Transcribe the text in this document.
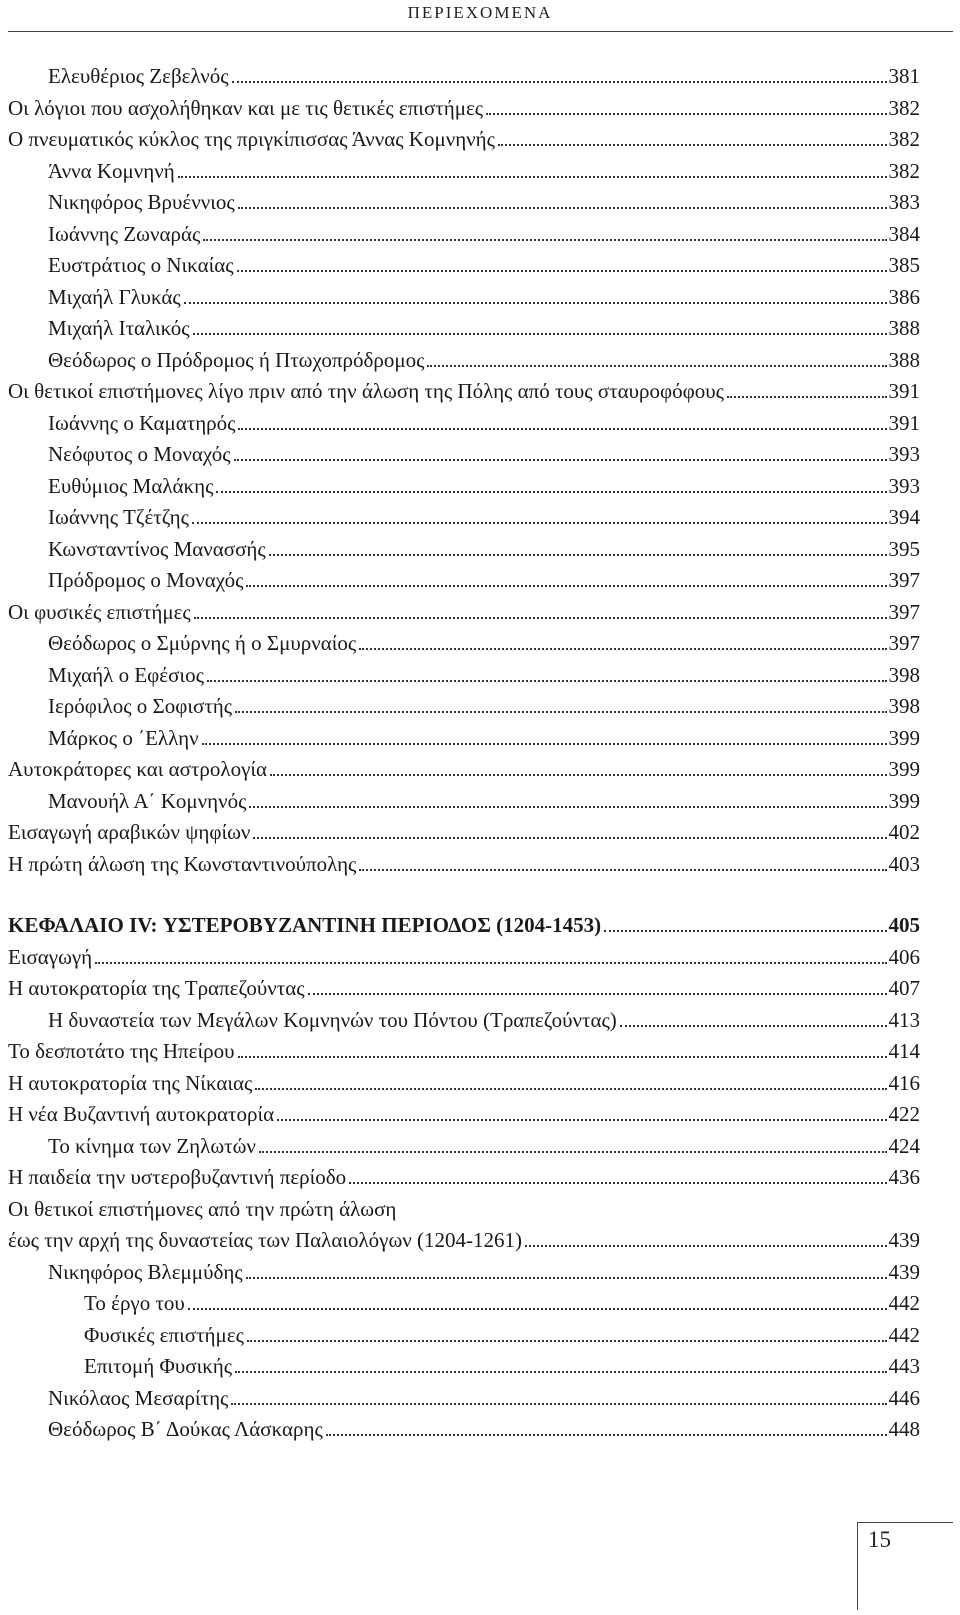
ΠΕΡΙΕΧΟΜΕΝΑ
Ελευθέριος Ζεβελνός	381
Οι λόγιοι που ασχολήθηκαν και με τις θετικές επιστήμες	382
Ο πνευματικός κύκλος της πριγκίπισσας Άννας Κομνηνής	382
Άννα Κομνηνή	382
Νικηφόρος Βρυέννιος	383
Ιωάννης Ζωναράς	384
Ευστράτιος ο Νικαίας	385
Μιχαήλ Γλυκάς	386
Μιχαήλ Ιταλικός	388
Θεόδωρος ο Πρόδρομος ή Πτωχοπρόδρομος	388
Οι θετικοί επιστήμονες λίγο πριν από την άλωση της Πόλης από τους σταυροφόφους	391
Ιωάννης ο Καματηρός	391
Νεόφυτος ο Μοναχός	393
Ευθύμιος Μαλάκης	393
Ιωάννης Τζέτζης	394
Κωνσταντίνος Μανασσής	395
Πρόδρομος ο Μοναχός	397
Οι φυσικές επιστήμες	397
Θεόδωρος ο Σμύρνης ή ο Σμυρναίος	397
Μιχαήλ ο Εφέσιος	398
Ιερόφιλος ο Σοφιστής	398
Μάρκος ο ΄Ελλην	399
Αυτοκράτορες και αστρολογία	399
Μανουήλ Α΄ Κομνηνός	399
Εισαγωγή αραβικών ψηφίων	402
Η πρώτη άλωση της Κωνσταντινούπολης	403
ΚΕΦΑΛΑΙΟ IV: ΥΣΤΕΡΟΒΥΖΑΝΤΙΝΗ ΠΕΡΙΟΔΟΣ (1204-1453)	405
Εισαγωγή	406
Η αυτοκρατορία της Τραπεζούντας	407
Η δυναστεία των Μεγάλων Κομνηνών του Πόντου (Τραπεζούντας)	413
Το δεσποτάτο της Ηπείρου	414
Η αυτοκρατορία της Νίκαιας	416
Η νέα Βυζαντινή αυτοκρατορία	422
Το κίνημα των Ζηλωτών	424
Η παιδεία την υστεροβυζαντινή περίοδο	436
Οι θετικοί επιστήμονες από την πρώτη άλωση
έως την αρχή της δυναστείας των Παλαιολόγων (1204-1261)	439
Νικηφόρος Βλεμμύδης	439
Το έργο του	442
Φυσικές επιστήμες	442
Επιτομή Φυσικής	443
Νικόλαος Μεσαρίτης	446
Θεόδωρος Β΄ Δούκας Λάσκαρης	448
15
